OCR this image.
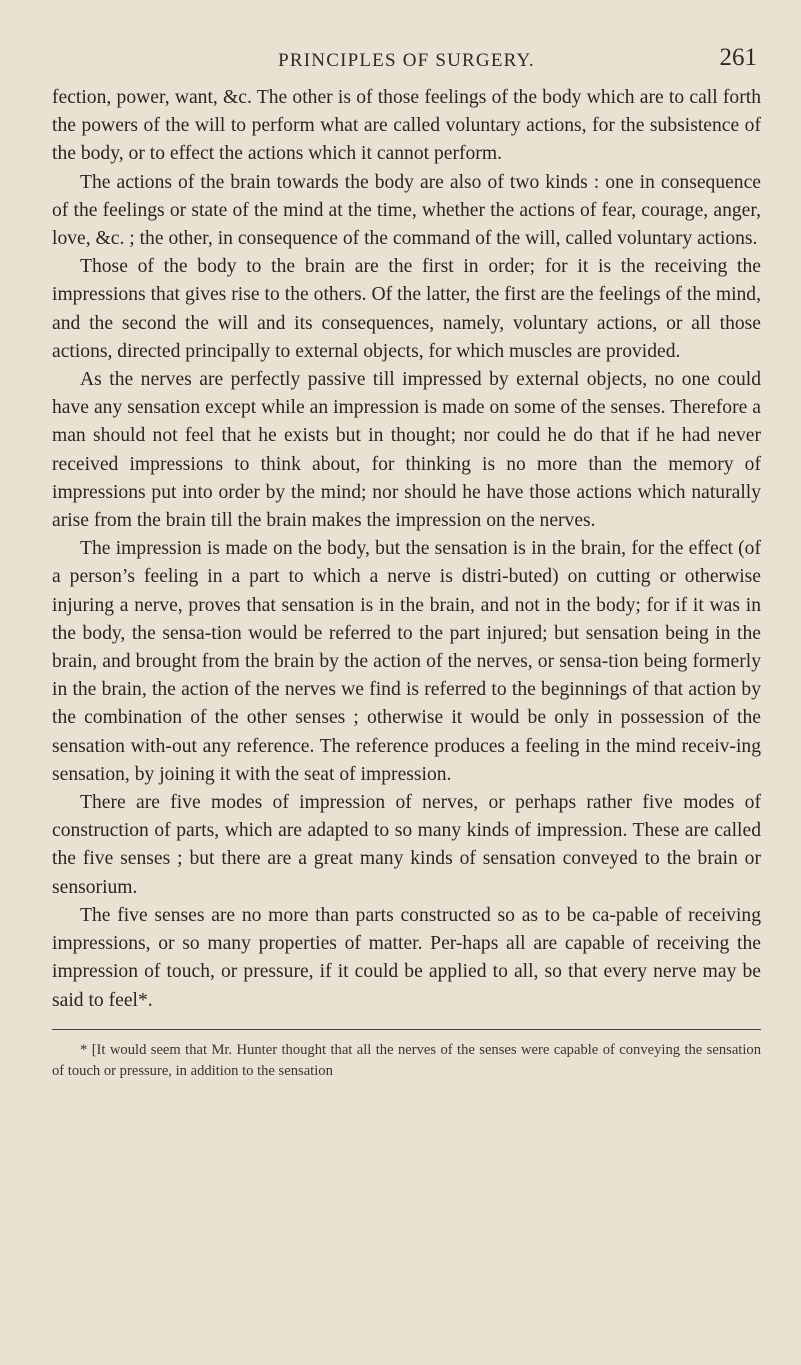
PRINCIPLES OF SURGERY.	261

fection, power, want, &c. The other is of those feelings of the body which are to call forth the powers of the will to perform what are called voluntary actions, for the subsistence of the body, or to effect the actions which it cannot perform.

The actions of the brain towards the body are also of two kinds : one in consequence of the feelings or state of the mind at the time, whether the actions of fear, courage, anger, love, &c. ; the other, in consequence of the command of the will, called voluntary actions.

Those of the body to the brain are the first in order; for it is the receiving the impressions that gives rise to the others. Of the latter, the first are the feelings of the mind, and the second the will and its consequences, namely, voluntary actions, or all those actions, directed principally to external objects, for which muscles are provided.

As the nerves are perfectly passive till impressed by external objects, no one could have any sensation except while an impression is made on some of the senses. Therefore a man should not feel that he exists but in thought; nor could he do that if he had never received impressions to think about, for thinking is no more than the memory of impressions put into order by the mind; nor should he have those actions which naturally arise from the brain till the brain makes the impression on the nerves.

The impression is made on the body, but the sensation is in the brain, for the effect (of a person’s feeling in a part to which a nerve is distri-buted) on cutting or otherwise injuring a nerve, proves that sensation is in the brain, and not in the body; for if it was in the body, the sensa-tion would be referred to the part injured; but sensation being in the brain, and brought from the brain by the action of the nerves, or sensa-tion being formerly in the brain, the action of the nerves we find is referred to the beginnings of that action by the combination of the other senses ; otherwise it would be only in possession of the sensation with-out any reference. The reference produces a feeling in the mind receiv-ing sensation, by joining it with the seat of impression.

There are five modes of impression of nerves, or perhaps rather five modes of construction of parts, which are adapted to so many kinds of impression. These are called the five senses ; but there are a great many kinds of sensation conveyed to the brain or sensorium.

The five senses are no more than parts constructed so as to be ca-pable of receiving impressions, or so many properties of matter. Per-haps all are capable of receiving the impression of touch, or pressure, if it could be applied to all, so that every nerve may be said to feel*.

* [It would seem that Mr. Hunter thought that all the nerves of the senses were capable of conveying the sensation of touch or pressure, in addition to the sensation
